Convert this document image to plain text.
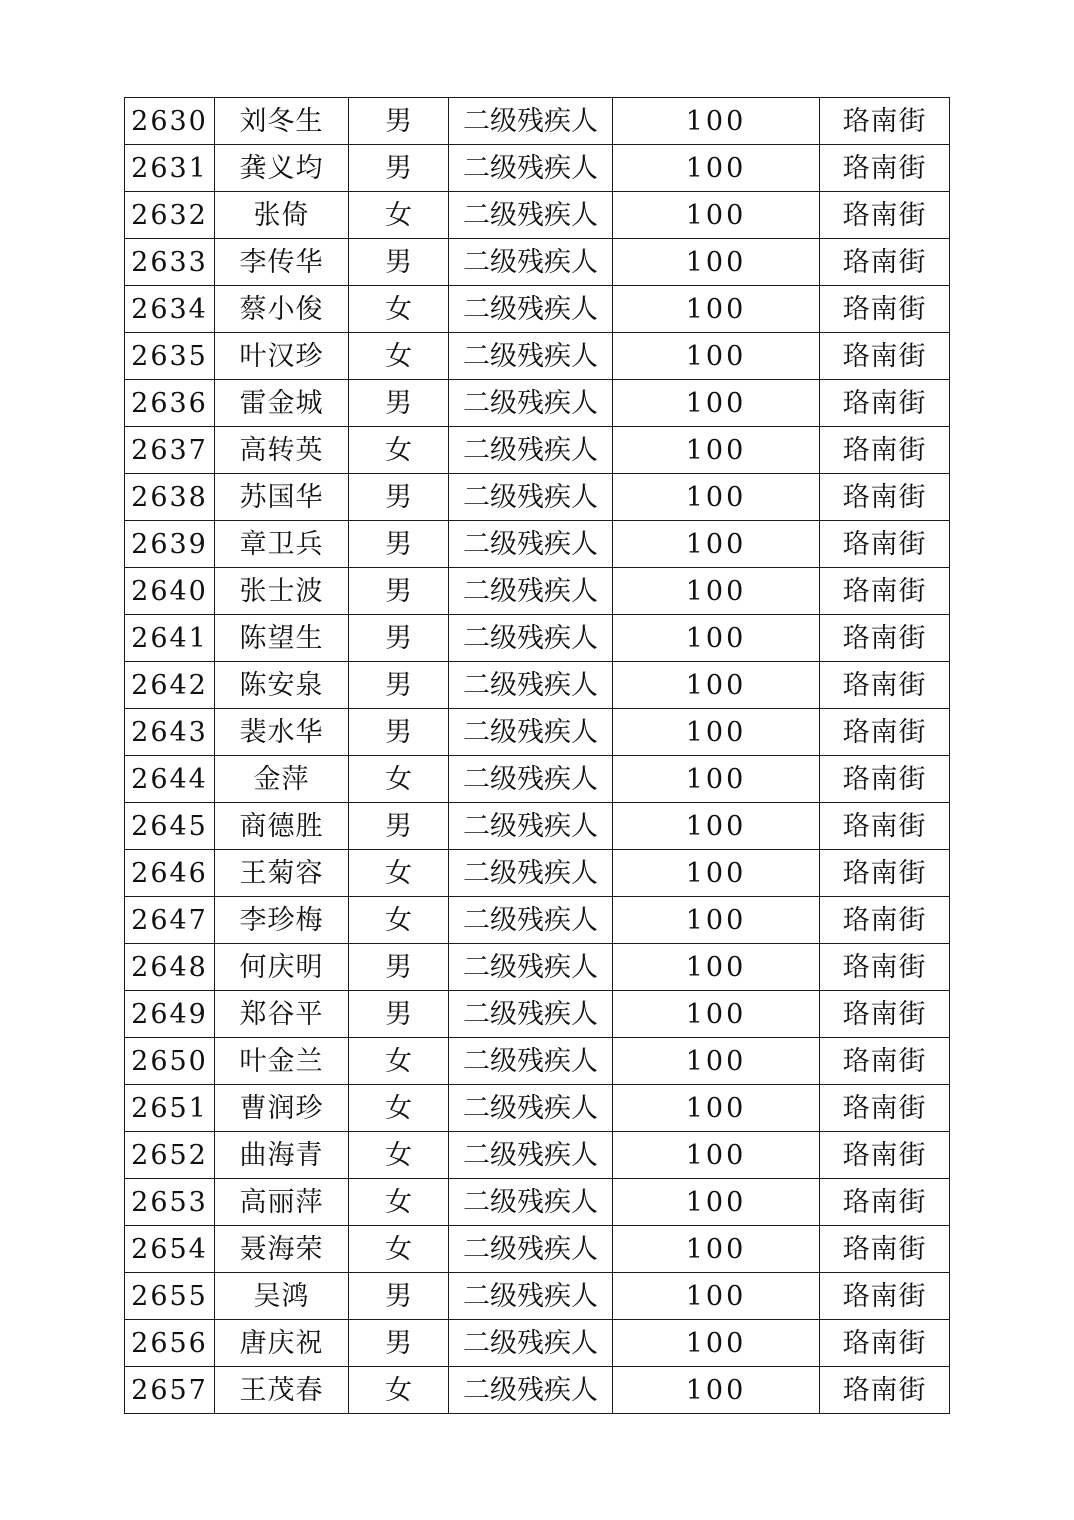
2630	刘冬生	男	二级残疾人	100	珞南街
2631	龚义均	男	二级残疾人	100	珞南街
2632	张倚	女	二级残疾人	100	珞南街
2633	李传华	男	二级残疾人	100	珞南街
2634	蔡小俊	女	二级残疾人	100	珞南街
2635	叶汉珍	女	二级残疾人	100	珞南街
2636	雷金城	男	二级残疾人	100	珞南街
2637	高转英	女	二级残疾人	100	珞南街
2638	苏国华	男	二级残疾人	100	珞南街
2639	章卫兵	男	二级残疾人	100	珞南街
2640	张士波	男	二级残疾人	100	珞南街
2641	陈望生	男	二级残疾人	100	珞南街
2642	陈安泉	男	二级残疾人	100	珞南街
2643	裴水华	男	二级残疾人	100	珞南街
2644	金萍	女	二级残疾人	100	珞南街
2645	商德胜	男	二级残疾人	100	珞南街
2646	王菊容	女	二级残疾人	100	珞南街
2647	李珍梅	女	二级残疾人	100	珞南街
2648	何庆明	男	二级残疾人	100	珞南街
2649	郑谷平	男	二级残疾人	100	珞南街
2650	叶金兰	女	二级残疾人	100	珞南街
2651	曹润珍	女	二级残疾人	100	珞南街
2652	曲海青	女	二级残疾人	100	珞南街
2653	高丽萍	女	二级残疾人	100	珞南街
2654	聂海荣	女	二级残疾人	100	珞南街
2655	吴鸿	男	二级残疾人	100	珞南街
2656	唐庆祝	男	二级残疾人	100	珞南街
2657	王茂春	女	二级残疾人	100	珞南街
